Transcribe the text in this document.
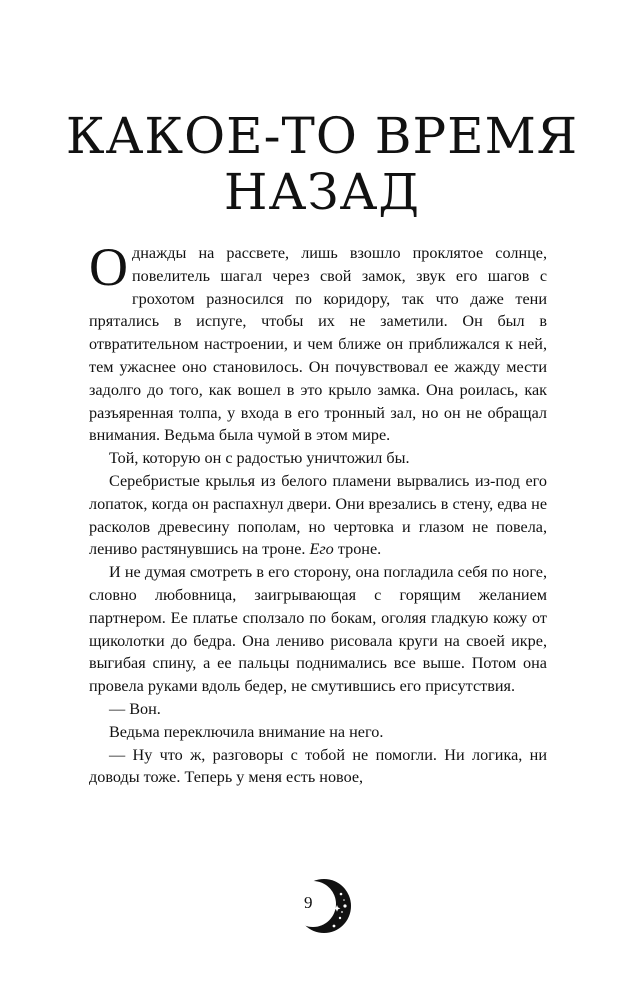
КАКОЕ-ТО ВРЕМЯ
НАЗАД

Однажды на рассвете, лишь взошло проклятое солнце, повелитель шагал через свой замок, звук его шагов с грохотом разносился по коридору, так что даже тени прятались в испуге, чтобы их не заметили. Он был в отвратительном настроении, и чем ближе он приближался к ней, тем ужаснее оно становилось. Он почувствовал ее жажду мести задолго до того, как вошел в это крыло замка. Она роилась, как разъяренная толпа, у входа в его тронный зал, но он не обращал внимания. Ведьма была чумой в этом мире.

Той, которую он с радостью уничтожил бы.

Серебристые крылья из белого пламени вырвались из-под его лопаток, когда он распахнул двери. Они врезались в стену, едва не расколов древесину пополам, но чертовка и глазом не повела, лениво растянувшись на троне. Его троне.

И не думая смотреть в его сторону, она погладила себя по ноге, словно любовница, заигрывающая с горящим желанием партнером. Ее платье сползало по бокам, оголяя гладкую кожу от щиколотки до бедра. Она лениво рисовала круги на своей икре, выгибая спину, а ее пальцы поднимались все выше. Потом она провела руками вдоль бедер, не смутившись его присутствия.

— Вон.

Ведьма переключила внимание на него.

— Ну что ж, разговоры с тобой не помогли. Ни логика, ни доводы тоже. Теперь у меня есть новое,

9
